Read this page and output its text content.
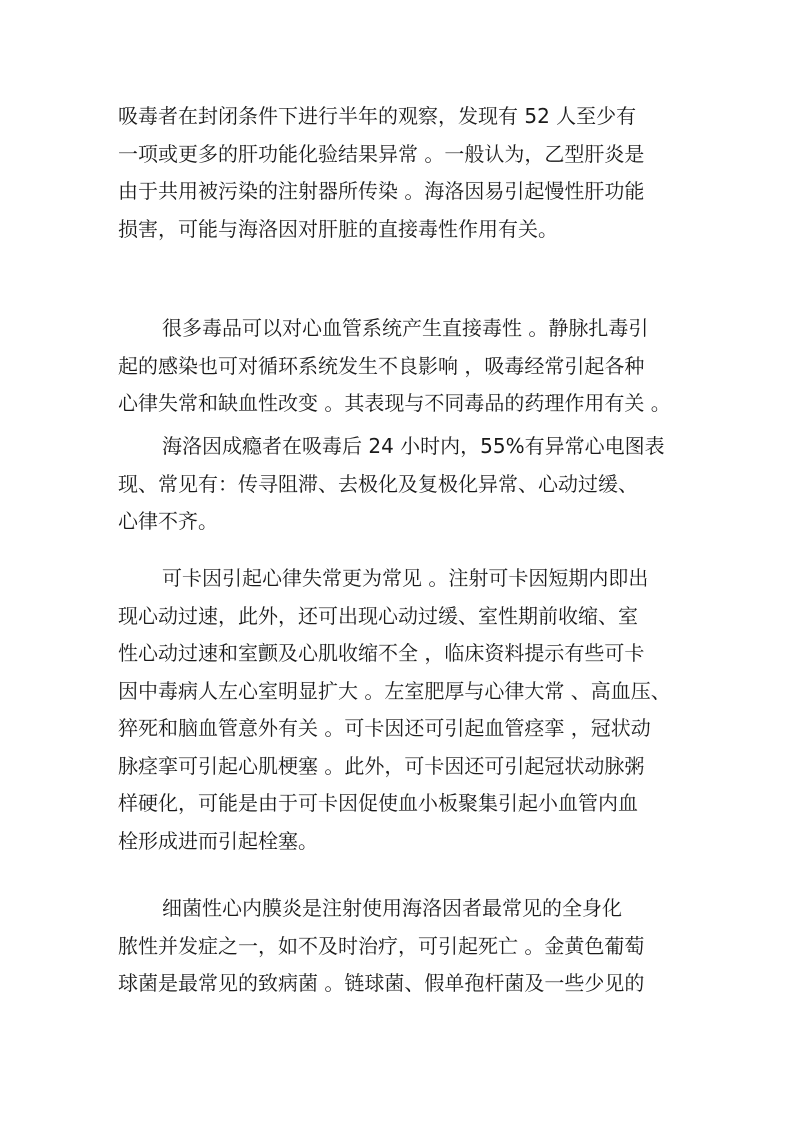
吸毒者在封闭条件下进行半年的观察，发现有 52 人至少有
一项或更多的肝功能化验结果异常 。一般认为，乙型肝炎是
由于共用被污染的注射器所传染 。海洛因易引起慢性肝功能
损害，可能与海洛因对肝脏的直接毒性作用有关。
很多毒品可以对心血管系统产生直接毒性 。静脉扎毒引
起的感染也可对循环系统发生不良影响 ，吸毒经常引起各种
心律失常和缺血性改变 。其表现与不同毒品的药理作用有关 。
海洛因成瘾者在吸毒后 24 小时内，55%有异常心电图表
现、常见有：传寻阻滞、去极化及复极化异常、心动过缓、
心律不齐。
可卡因引起心律失常更为常见 。注射可卡因短期内即出
现心动过速，此外，还可出现心动过缓、室性期前收缩、室
性心动过速和室颤及心肌收缩不全 ，临床资料提示有些可卡
因中毒病人左心室明显扩大 。左室肥厚与心律大常 、高血压、
猝死和脑血管意外有关 。可卡因还可引起血管痉挛 ，冠状动
脉痉挛可引起心肌梗塞 。此外，可卡因还可引起冠状动脉粥
样硬化，可能是由于可卡因促使血小板聚集引起小血管内血
栓形成进而引起栓塞。
细菌性心内膜炎是注射使用海洛因者最常见的全身化
脓性并发症之一，如不及时治疗，可引起死亡 。金黄色葡萄
球菌是最常见的致病菌 。链球菌、假单孢杆菌及一些少见的
